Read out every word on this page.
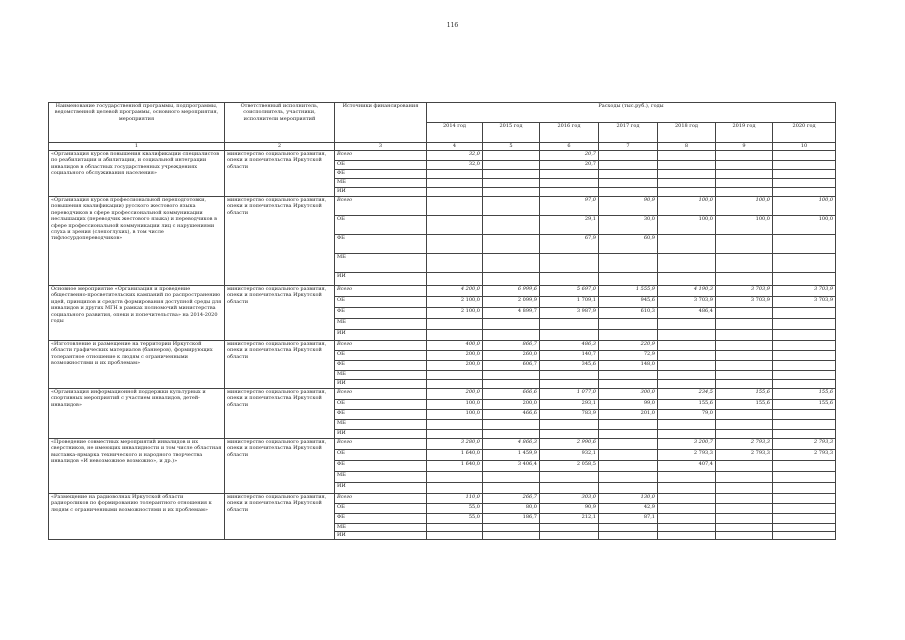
116
Наименование государственной программы, подпрограммы, ведомственной целевой программы, основного мероприятия, мероприятия	Ответственный исполнитель, соисполнитель, участники, исполнители мероприятий	Источники финансирования	Расходы (тыс.руб.), годы						
			2014 год	2015 год	2016 год	2017 год	2018 год	2019 год	2020 год
1	2	3	4	5	6	7	8	9	10
«Организация курсов повышения квалификации специалистов по реабилитации и абилитации, и социальной интеграции инвалидов в областных государственных учреждениях социального обслуживания населения»	министерство социального развития, опеки и попечительства Иркутской области	Всего	32,0		20,7				
		ОБ	32,0		20,7				
		ФБ							
		МБ							
		ИИ							
«Организация курсов профессиональной переподготовки, повышения квалификации) русского жестового языка переводчиков в сфере профессиональной коммуникации неслышащих (переводчик жестового языка) и переводчиков в сфере профессиональной коммуникации лиц с нарушениями слуха и зрения (слепоглухих), в том числе тифлосурдопереводчиков»	министерство социального развития, опеки и попечительства Иркутской области	Всего			97,0	90,9	100,0	100,0	100,0
		ОБ			29,1	30,0	100,0	100,0	100,0
		ФБ			67,9	60,9			
		МБ							
		ИИ							
Основное мероприятие «Организация и проведение общественно-просветительских кампаний по распространению идей, принципов и средств формирования доступной среды для инвалидов и других МГН в рамках полномочий министерства социального развития, опеки и попечительства» на 2014-2020 годы	министерство социального развития, опеки и попечительства Иркутской области	Всего	4 200,0	6 999,6	5 697,0	1 555,9	4 190,3	3 703,9	3 703,9
		ОБ	2 100,0	2 099,9	1 709,1	945,6	3 703,9	3 703,9	3 703,9
		ФБ	2 100,0	4 899,7	3 987,9	610,3	486,4		
		МБ							
		ИИ							
«Изготовление и размещение на территории Иркутской области графических материалов (баннеров), формирующих толерантное отношение к людям с ограниченными возможностями и их проблемам»	министерство социального развития, опеки и попечительства Иркутской области	Всего	400,0	866,7	486,3	220,9			
		ОБ	200,0	260,0	140,7	72,9			
		ФБ	200,0	606,7	345,6	148,0			
		МБ							
		ИИ							
«Организация информационной поддержки культурных и спортивных мероприятий с участием инвалидов, детей-инвалидов»	министерство социального развития, опеки и попечительства Иркутской области	Всего	200,0	666,6	1 077,0	300,0	234,5	155,6	155,6
		ОБ	100,0	200,0	293,1	99,0	155,6	155,6	155,6
		ФБ	100,0	466,6	783,9	201,0	79,0		
		МБ							
		ИИ							
«Проведение совместных мероприятий инвалидов и их сверстников, не имеющих инвалидности и том числе областная выставка-ярмарка технического и народного творчества инвалидов «И невозможное возможно», и др.)»	министерство социального развития, опеки и попечительства Иркутской области	Всего	3 280,0	4 866,3	2 990,6		3 200,7	2 793,3	2 793,3
		ОБ	1 640,0	1 459,9	932,1		2 793,3	2 793,3	2 793,3
		ФБ	1 640,0	3 406,4	2 058,5		407,4		
		МБ							
		ИИ							
«Размещение на радиоволнах Иркутской области радиороликов по формированию толерантного отношения к людям с ограниченными возможностями и их проблемам»	министерство социального развития, опеки и попечительства Иркутской области	Всего	110,0	266,7	303,0	130,0			
		ОБ	55,0	80,0	90,9	42,9			
		ФБ	55,0	186,7	212,1	87,1			
		МБ							
		ИИ							
